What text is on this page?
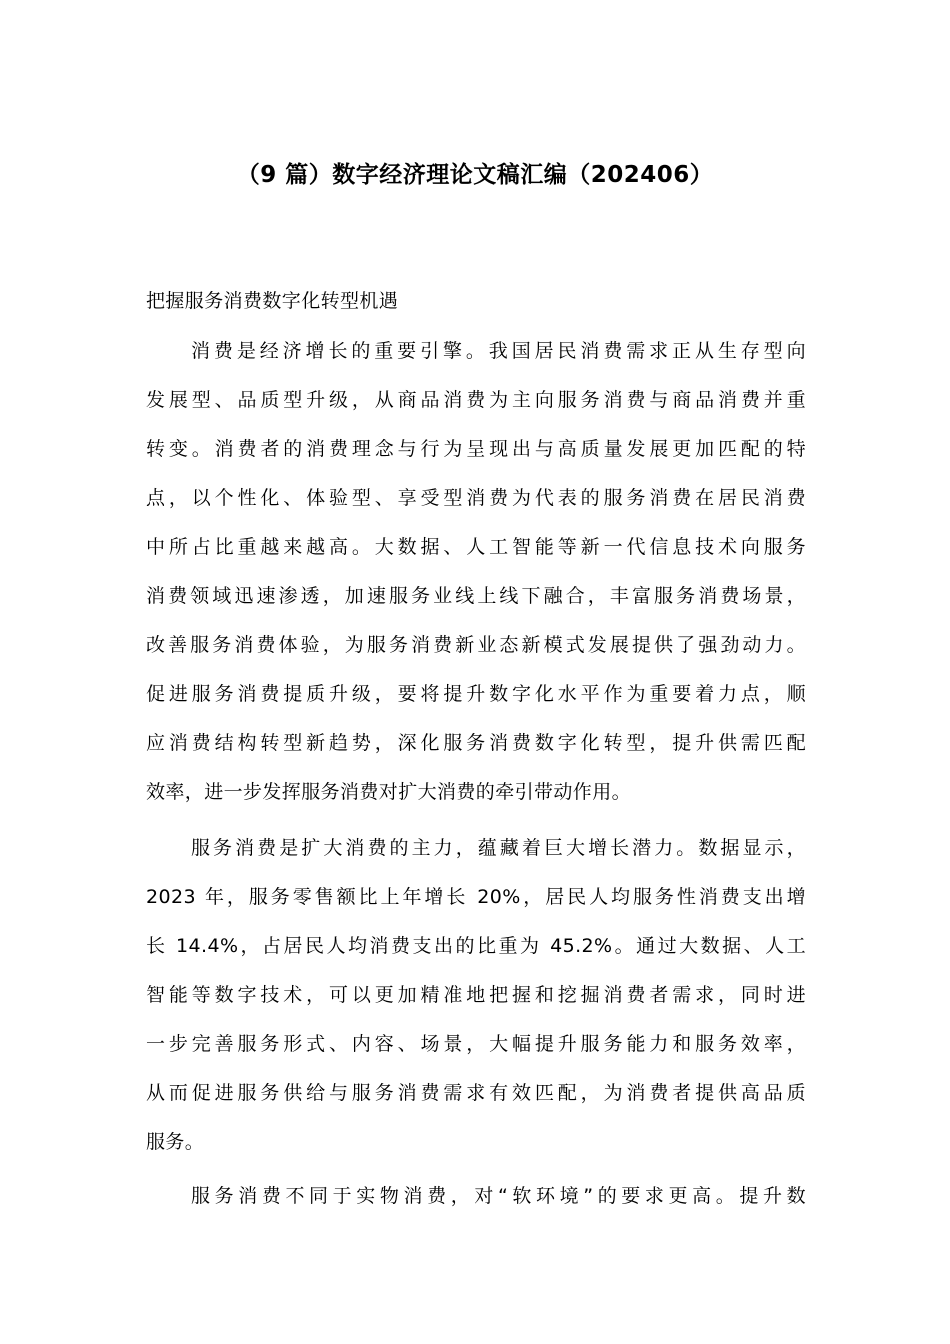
（9 篇）数字经济理论文稿汇编（202406）

把握服务消费数字化转型机遇

消费是经济增长的重要引擎。我国居民消费需求正从生存型向
发展型、品质型升级，从商品消费为主向服务消费与商品消费并重
转变。消费者的消费理念与行为呈现出与高质量发展更加匹配的特
点，以个性化、体验型、享受型消费为代表的服务消费在居民消费
中所占比重越来越高。大数据、人工智能等新一代信息技术向服务
消费领域迅速渗透，加速服务业线上线下融合，丰富服务消费场景，
改善服务消费体验，为服务消费新业态新模式发展提供了强劲动力。
促进服务消费提质升级，要将提升数字化水平作为重要着力点，顺
应消费结构转型新趋势，深化服务消费数字化转型，提升供需匹配
效率，进一步发挥服务消费对扩大消费的牵引带动作用。
服务消费是扩大消费的主力，蕴藏着巨大增长潜力。数据显示，
2023 年，服务零售额比上年增长 20%，居民人均服务性消费支出增
长 14.4%，占居民人均消费支出的比重为 45.2%。通过大数据、人工
智能等数字技术，可以更加精准地把握和挖掘消费者需求，同时进
一步完善服务形式、内容、场景，大幅提升服务能力和服务效率，
从而促进服务供给与服务消费需求有效匹配，为消费者提供高品质
服务。
服务消费不同于实物消费，对“软环境”的要求更高。提升数
